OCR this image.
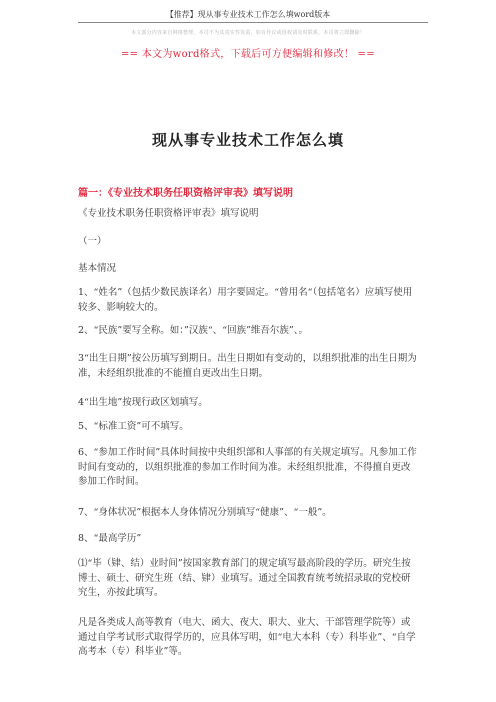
【推荐】现从事专业技术工作怎么填word版本
本文部分内容来自网络整理，本司不为其真实性负责，如有异议或侵权请及时联系，本司将立即删除！
== 本文为word格式，下载后可方便编辑和修改！ ==
现从事专业技术工作怎么填
篇一：《专业技术职务任职资格评审表》填写说明
《专业技术职务任职资格评审表》填写说明
（一）
基本情况
1、“姓名”（包括少数民族译名）用字要固定。“曾用名“（包括笔名）应填写使用较多、影响较大的。
2、“民族”要写全称。如：”汉族“、“回族”维吾尔族”、。
3“出生日期”按公历填写到期日。出生日期如有变动的，以组织批准的出生日期为准，未经组织批准的不能擅自更改出生日期。
4“出生地”按现行政区划填写。
5、“标准工资”可不填写。
6、“参加工作时间”具体时间按中央组织部和人事部的有关规定填写。凡参加工作时间有变动的，以组织批准的参加工作时间为准。未经组织批准，不得擅自更改参加工作时间。
7、“身体状况”根据本人身体情况分别填写“健康”、“一般”。
8、“最高学历”
⑴“毕（肄、结）业时间”按国家教育部门的规定填写最高阶段的学历。研究生按博士、硕士、研究生班（结、肄）业填写。通过全国教育统考统招录取的党校研究生，亦按此填写。
凡是各类成人高等教育（电大、函大、夜大、职大、业大、干部管理学院等）或通过自学考试形式取得学历的，应具体写明，如“电大本科（专）科毕业”、“自学高考本（专）科毕业”等。
